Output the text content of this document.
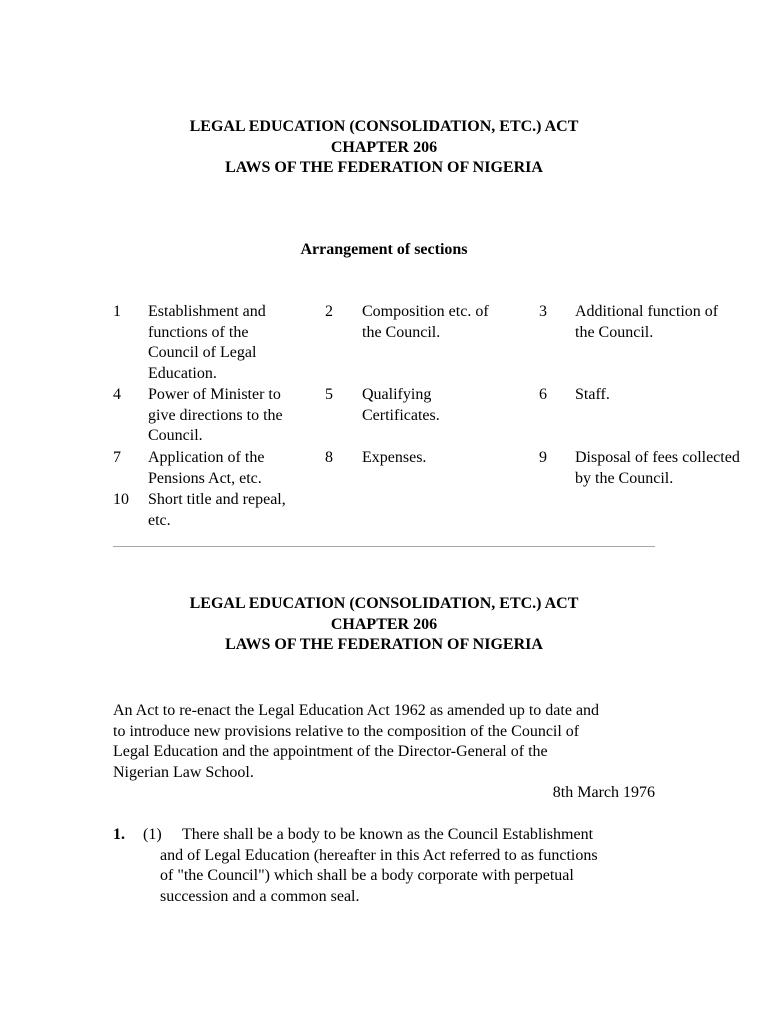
LEGAL EDUCATION (CONSOLIDATION, ETC.) ACT
CHAPTER 206
LAWS OF THE FEDERATION OF NIGERIA
Arrangement of sections
1 Establishment and
functions of the
Council of Legal
Education.
2 Composition etc. of
the Council.
3 Additional function of
the Council.
4 Power of Minister to
give directions to the
Council.
5 Qualifying
Certificates.
6 Staff.
7 Application of the
Pensions Act, etc.
8 Expenses.	9 Disposal of fees collected
by the Council.
10 Short title and repeal,
etc.
LEGAL EDUCATION (CONSOLIDATION, ETC.) ACT
CHAPTER 206
LAWS OF THE FEDERATION OF NIGERIA
An Act to re-enact the Legal Education Act 1962 as amended up to date and
to introduce new provisions relative to the composition of the Council of
Legal Education and the appointment of the Director-General of the
Nigerian Law School.
8th March 1976
1. (1) There shall be a body to be known as the Council Establishment
and of Legal Education (hereafter in this Act referred to as functions
of "the Council") which shall be a body corporate with perpetual
succession and a common seal.
